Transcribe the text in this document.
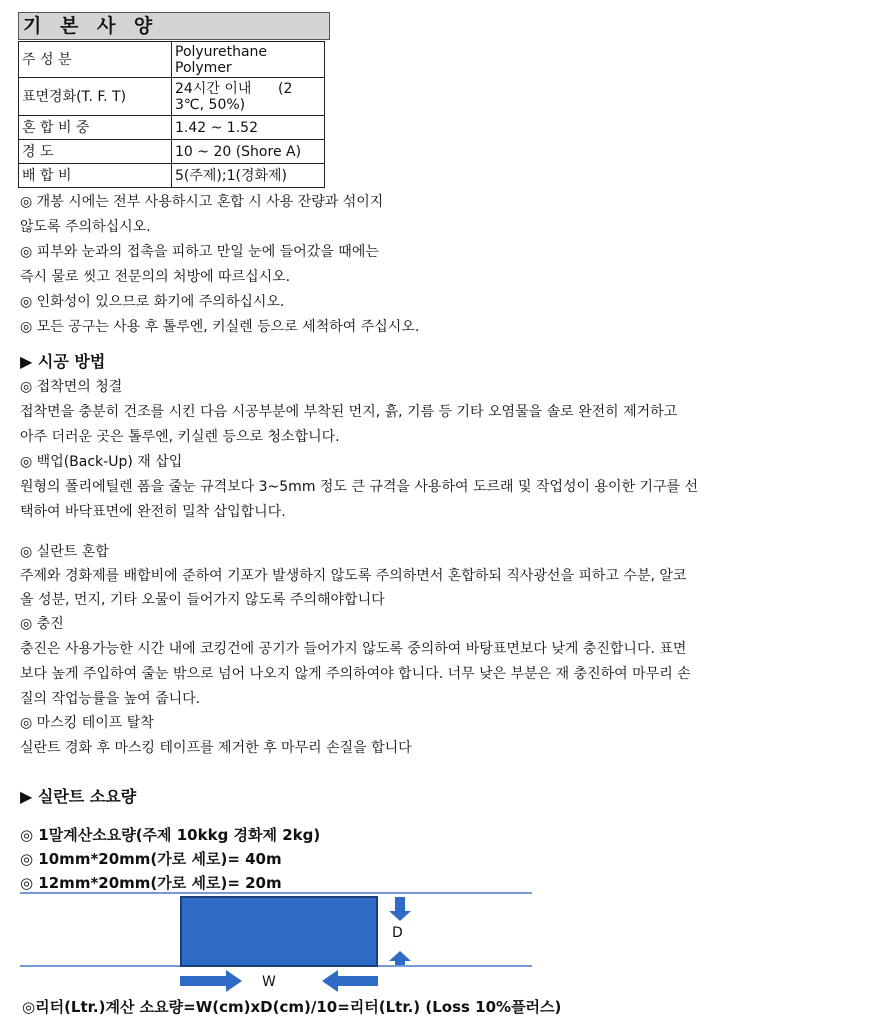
기 본 사 양
주 성 분	Polyurethane
Polymer

표면경화(T. F. T)	24시간 이내      (2
3℃, 50%)

혼 합 비 중	1.42 ~ 1.52
경 도	10 ~ 20 (Shore A)
배 합 비	5(주제);1(경화제)
◎ 개봉 시에는 전부 사용하시고 혼합 시 사용 잔량과 섞이지
않도록 주의하십시오.
◎ 피부와 눈과의 접촉을 피하고 만일 눈에 들어갔을 때에는
즉시 물로 씻고 전문의의 처방에 따르십시오.
◎ 인화성이 있으므로 화기에 주의하십시오.
◎ 모든 공구는 사용 후 톨루엔, 키실렌 등으로 세척하여 주십시오.
▶ 시공 방법
◎ 접착면의 청결
접착면을 충분히 건조를 시킨 다음 시공부분에 부착된 먼지, 흙, 기름 등 기타 오염물을 솔로 완전히 제거하고
아주 더러운 곳은 톨루엔, 키실렌 등으로 청소합니다.
◎ 백업(Back-Up) 재 삽입
원형의 폴리에틸렌 폼을 줄눈 규격보다 3~5mm 정도 큰 규격을 사용하여 도르래 및 작업성이 용이한 기구를 선
택하여 바닥표면에 완전히 밀착 삽입합니다.
◎ 실란트 혼합
주제와 경화제를 배합비에 준하여 기포가 발생하지 않도록 주의하면서 혼합하되 직사광선을 피하고 수분, 알코
올 성분, 먼지, 기타 오물이 들어가지 않도록 주의해야합니다
◎ 충진
충진은 사용가능한 시간 내에 코킹건에 공기가 들어가지 않도록 중의하여 바탕표면보다 낮게 충진합니다. 표면
보다 높게 주입하여 줄눈 밖으로 넘어 나오지 않게 주의하여야 합니다. 너무 낮은 부분은 재 충진하여 마무리 손
질의 작업능률을 높여 줍니다.
◎ 마스킹 테이프 탈착
실란트 경화 후 마스킹 테이프를 제거한 후 마무리 손질을 합니다
▶ 실란트 소요량
◎ 1말계산소요량(주제 10kkg 경화제 2kg)
◎ 10mm*20mm(가로 세로)= 40m
◎ 12mm*20mm(가로 세로)= 20m
D
W
◎리터(Ltr.)계산 소요량=W(cm)xD(cm)/10=리터(Ltr.) (Loss 10%플러스)
